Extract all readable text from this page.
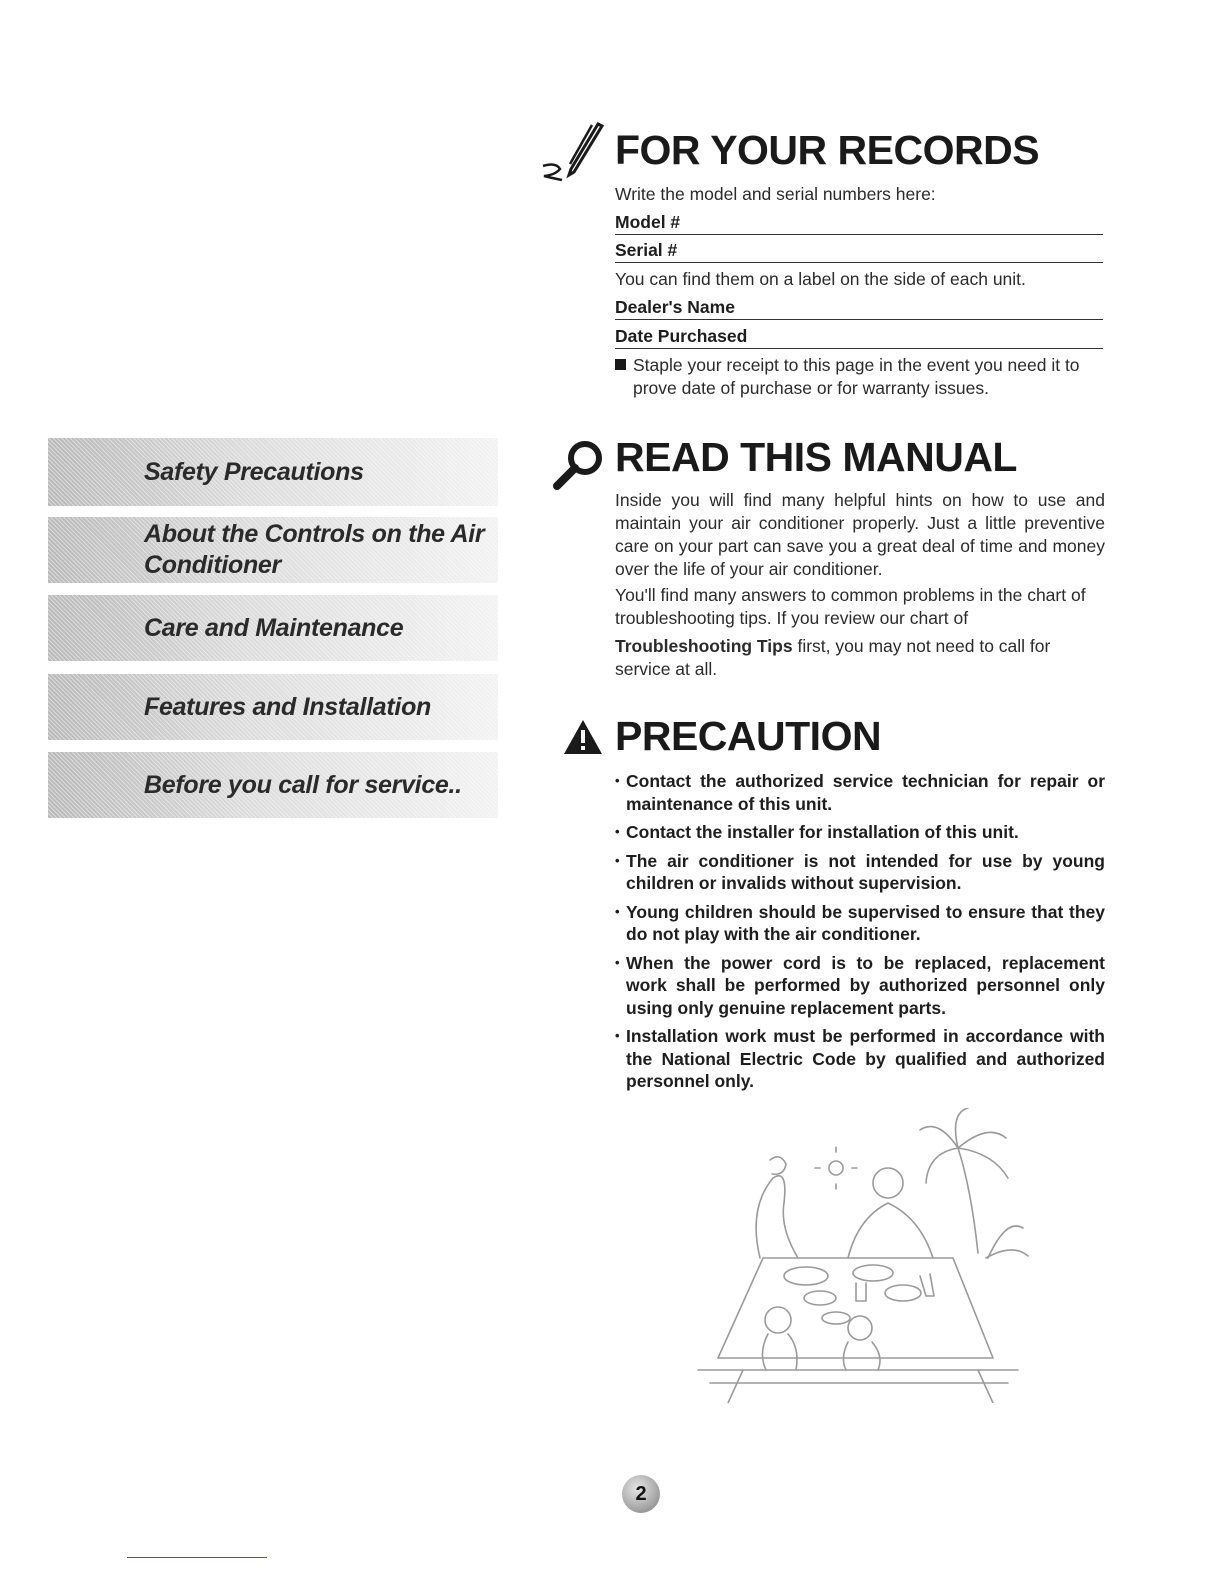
Safety Precautions
About the Controls on the Air Conditioner
Care and Maintenance
Features and Installation
Before you call for service..
FOR YOUR RECORDS

Write the model and serial numbers here:

Model #
Serial #

You can find them on a label on the side of each unit.

Dealer's Name
Date Purchased

Staple your receipt to this page in the event you need it to prove date of purchase or for warranty issues.

READ THIS MANUAL

Inside you will find many helpful hints on how to use and maintain your air conditioner properly. Just a little preventive care on your part can save you a great deal of time and money over the life of your air conditioner.

You'll find many answers to common problems in the chart of troubleshooting tips. If you review our chart of

Troubleshooting Tips first, you may not need to call for service at all.

PRECAUTION
• Contact the authorized service technician for repair or maintenance of this unit.
• Contact the installer for installation of this unit.
• The air conditioner is not intended for use by young children or invalids without supervision.
• Young children should be supervised to ensure that they do not play with the air conditioner.
• When the power cord is to be replaced, replacement work shall be performed by authorized personnel only using only genuine replacement parts.
• Installation work must be performed in accordance with the National Electric Code by qualified and authorized personnel only.
2
